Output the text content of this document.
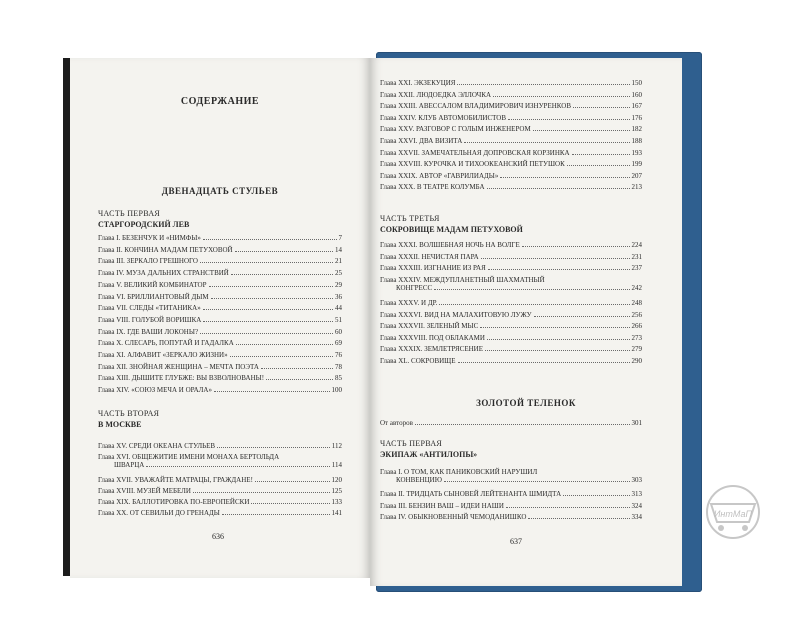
СОДЕРЖАНИЕ
ДВЕНАДЦАТЬ СТУЛЬЕВ
ЧАСТЬ ПЕРВАЯ
СТАРГОРОДСКИЙ ЛЕВ
Глава I. БЕЗЕНЧУК И «НИМФЫ»	7
Глава II. КОНЧИНА МАДАМ ПЕТУХОВОЙ	14
Глава III. ЗЕРКАЛО ГРЕШНОГО	21
Глава IV. МУЗА ДАЛЬНИХ СТРАНСТВИЙ	25
Глава V. ВЕЛИКИЙ КОМБИНАТОР	29
Глава VI. БРИЛЛИАНТОВЫЙ ДЫМ	36
Глава VII. СЛЕДЫ «ТИТАНИКА»	44
Глава VIII. ГОЛУБОЙ ВОРИШКА	51
Глава IX. ГДЕ ВАШИ ЛОКОНЫ?	60
Глава X. СЛЕСАРЬ, ПОПУГАЙ И ГАДАЛКА	69
Глава XI. АЛФАВИТ «ЗЕРКАЛО ЖИЗНИ»	76
Глава XII. ЗНОЙНАЯ ЖЕНЩИНА – МЕЧТА ПОЭТА	78
Глава XIII. ДЫШИТЕ ГЛУБЖЕ: ВЫ ВЗВОЛНОВАНЫ!	85
Глава XIV. «СОЮЗ МЕЧА И ОРАЛА»	100
ЧАСТЬ ВТОРАЯ
В МОСКВЕ
Глава XV. СРЕДИ ОКЕАНА СТУЛЬЕВ	112
Глава XVI. ОБЩЕЖИТИЕ ИМЕНИ МОНАХА БЕРТОЛЬДА
ШВАРЦА	114
Глава XVII. УВАЖАЙТЕ МАТРАЦЫ, ГРАЖДАНЕ!	120
Глава XVIII. МУЗЕЙ МЕБЕЛИ	125
Глава XIX. БАЛЛОТИРОВКА ПО-ЕВРОПЕЙСКИ	133
Глава XX. ОТ СЕВИЛЬИ ДО ГРЕНАДЫ	141
636
Глава XXI. ЭКЗЕКУЦИЯ	150
Глава XXII. ЛЮДОЕДКА ЭЛЛОЧКА	160
Глава XXIII. АВЕССАЛОМ ВЛАДИМИРОВИЧ ИЗНУРЕНКОВ	167
Глава XXIV. КЛУБ АВТОМОБИЛИСТОВ	176
Глава XXV. РАЗГОВОР С ГОЛЫМ ИНЖЕНЕРОМ	182
Глава XXVI. ДВА ВИЗИТА	188
Глава XXVII. ЗАМЕЧАТЕЛЬНАЯ ДОПРОВСКАЯ КОРЗИНКА	193
Глава XXVIII. КУРОЧКА И ТИХООКЕАНСКИЙ ПЕТУШОК	199
Глава XXIX. АВТОР «ГАВРИЛИАДЫ»	207
Глава XXX. В ТЕАТРЕ КОЛУМБА	213
ЧАСТЬ ТРЕТЬЯ
СОКРОВИЩЕ МАДАМ ПЕТУХОВОЙ
Глава XXXI. ВОЛШЕБНАЯ НОЧЬ НА ВОЛГЕ	224
Глава XXXII. НЕЧИСТАЯ ПАРА	231
Глава XXXIII. ИЗГНАНИЕ ИЗ РАЯ	237
Глава XXXIV. МЕЖДУПЛАНЕТНЫЙ ШАХМАТНЫЙ
КОНГРЕСС	242
Глава XXXV. И ДР.	248
Глава XXXVI. ВИД НА МАЛАХИТОВУЮ ЛУЖУ	256
Глава XXXVII. ЗЕЛЕНЫЙ МЫС	266
Глава XXXVIII. ПОД ОБЛАКАМИ	273
Глава XXXIX. ЗЕМЛЕТРЯСЕНИЕ	279
Глава XL. СОКРОВИЩЕ	290
ЗОЛОТОЙ ТЕЛЕНОК
От авторов	301
ЧАСТЬ ПЕРВАЯ
ЭКИПАЖ «АНТИЛОПЫ»
Глава I. О ТОМ, КАК ПАНИКОВСКИЙ НАРУШИЛ
КОНВЕНЦИЮ	303
Глава II. ТРИДЦАТЬ СЫНОВЕЙ ЛЕЙТЕНАНТА ШМИДТА	313
Глава III. БЕНЗИН ВАШ – ИДЕИ НАШИ	324
Глава IV. ОБЫКНОВЕННЫЙ ЧЕМОДАНИШКО	334
637
ИнтМаП
